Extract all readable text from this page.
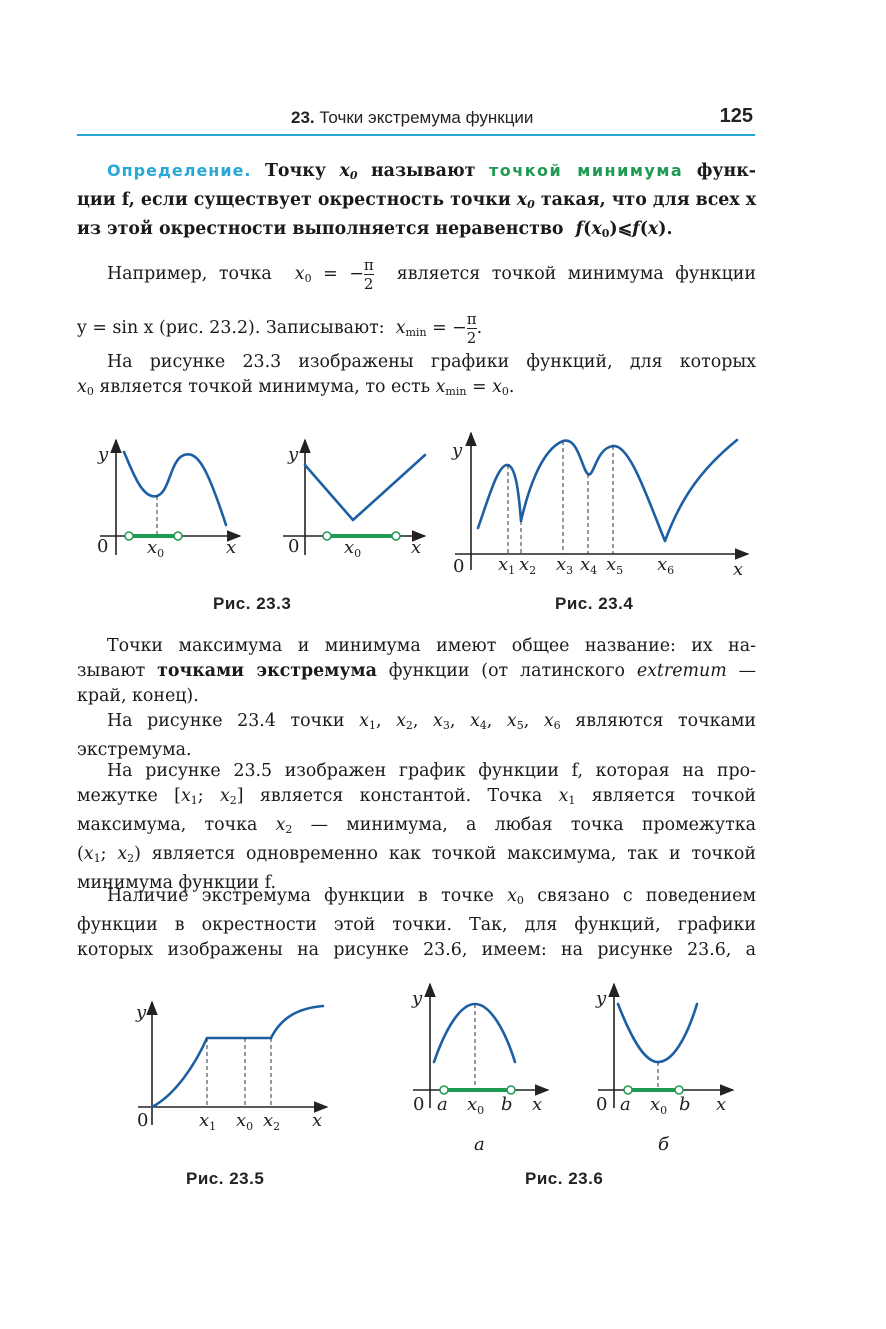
23. Точки экстремума функции	125
Определение. Точку $x_0$ называют точкой минимума функ-
ции f, если существует окрестность точки $x_0$ такая, что для всех x
из этой окрестности выполняется неравенство $f(x_0)⩽f(x)$.
Например, точка $x_0$ = − $\frac{\pi}{2}$ является точкой минимума функции
y = sin x (рис. 23.2). Записывают: $x_{min}$ = − $\frac{\pi}{2}$ .
На рисунке 23.3 изображены графики функций, для которых
$x_0$ является точкой минимума, то есть $x_{min} = x_0$.
y
0 $x_0$	x
y
0 $x_0$	x
y
0 $x_1$ $x_2$ $x_3$ $x_4$ $x_5$ $x_6$	x
y
0	$x_1$ $x_0$ $x_2$ x
y
0 a $x_0$ b x
y
0 a $x_0$ b x
Рис. 23.3	Рис. 23.4
Рис. 23.5	Рис. 23.6
а	б
Точки максимума и минимума имеют общее название: их на-
зывают точками экстремума функции (от латинского extremum —
край, конец).
На рисунке 23.4 точки $x_1$, $x_2$, $x_3$, $x_4$, $x_5$, $x_6$ являются точками
экстремума.
На рисунке 23.5 изображен график функции f, которая на про-
межутке [$x_1$; $x_2$] является константой. Точка $x_1$ является точкой
максимума, точка $x_2$ — минимума, а любая точка промежутка
($x_1$; $x_2$) является одновременно как точкой максимума, так и точкой
минимума функции f.
Наличие экстремума функции в точке $x_0$ связано с поведением
функции в окрестности этой точки. Так, для функций, графики
которых изображены на рисунке 23.6, имеем: на рисунке 23.6, а
